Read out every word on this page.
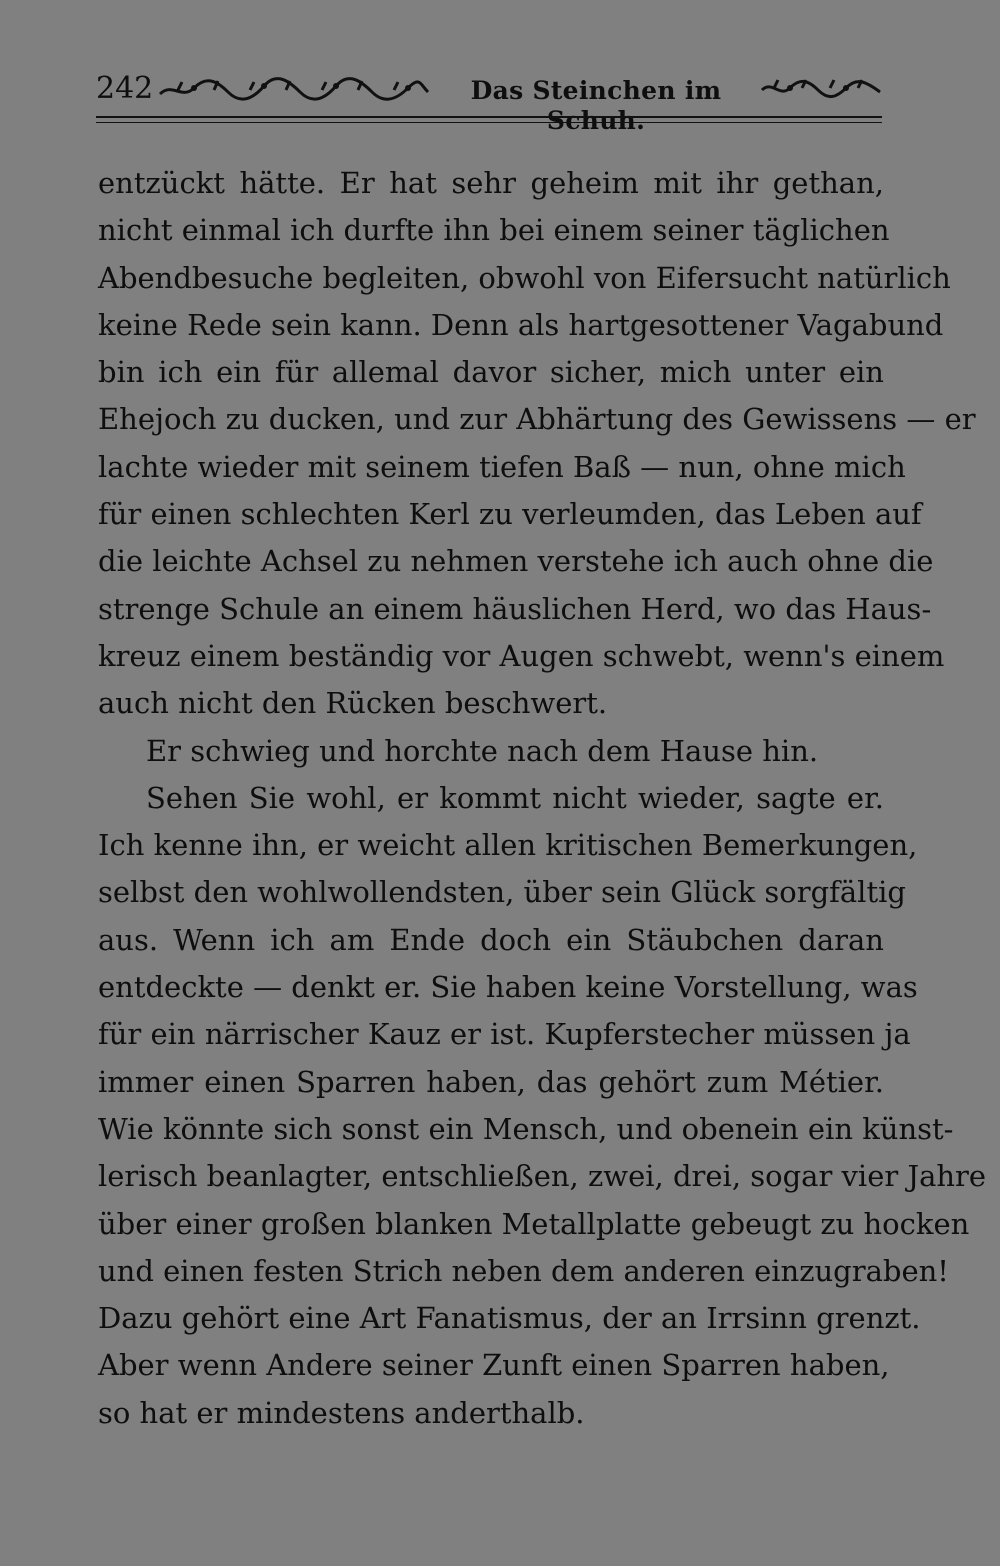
242	Das Steinchen im Schuh.
entzückt hätte. Er hat sehr geheim mit ihr gethan,
nicht einmal ich durfte ihn bei einem seiner täglichen
Abendbesuche begleiten, obwohl von Eifersucht natürlich
keine Rede sein kann. Denn als hartgesottener Vagabund
bin ich ein für allemal davor sicher, mich unter ein
Ehejoch zu ducken, und zur Abhärtung des Gewissens — er
lachte wieder mit seinem tiefen Baß — nun, ohne mich
für einen schlechten Kerl zu verleumden, das Leben auf
die leichte Achsel zu nehmen verstehe ich auch ohne die
strenge Schule an einem häuslichen Herd, wo das Haus-
kreuz einem beständig vor Augen schwebt, wenn's einem
auch nicht den Rücken beschwert.
Er schwieg und horchte nach dem Hause hin.
Sehen Sie wohl, er kommt nicht wieder, sagte er.
Ich kenne ihn, er weicht allen kritischen Bemerkungen,
selbst den wohlwollendsten, über sein Glück sorgfältig
aus. Wenn ich am Ende doch ein Stäubchen daran
entdeckte — denkt er. Sie haben keine Vorstellung, was
für ein närrischer Kauz er ist. Kupferstecher müssen ja
immer einen Sparren haben, das gehört zum Métier.
Wie könnte sich sonst ein Mensch, und obenein ein künst-
lerisch beanlagter, entschließen, zwei, drei, sogar vier Jahre
über einer großen blanken Metallplatte gebeugt zu hocken
und einen festen Strich neben dem anderen einzugraben!
Dazu gehört eine Art Fanatismus, der an Irrsinn grenzt.
Aber wenn Andere seiner Zunft einen Sparren haben,
so hat er mindestens anderthalb.
